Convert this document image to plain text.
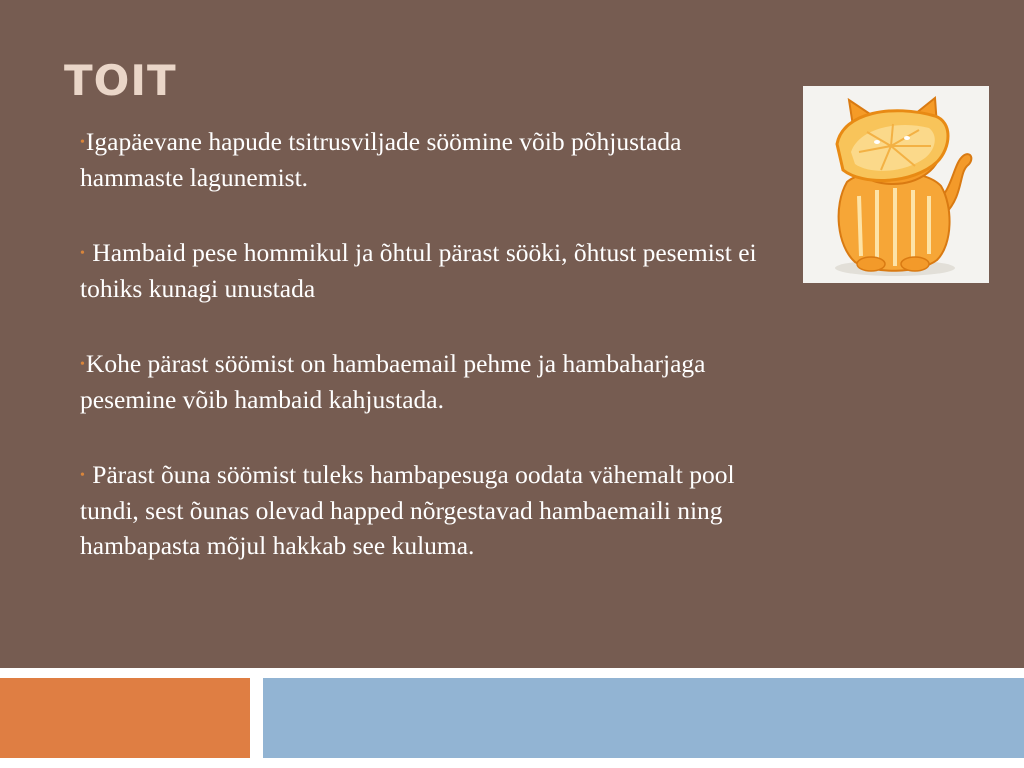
TOIT
•Igapäevane hapude tsitrusviljade söömine võib põhjustada hammaste lagunemist.
• Hambaid pese hommikul ja õhtul pärast sööki, õhtust pesemist ei tohiks kunagi unustada
•Kohe pärast söömist on hambaemail pehme ja hambaharjaga pesemine võib hambaid kahjustada.
• Pärast õuna söömist tuleks hambapesuga oodata vähemalt pool tundi, sest õunas olevad happed nõrgestavad hambaemaili ning hambapasta mõjul hakkab see kuluma.
